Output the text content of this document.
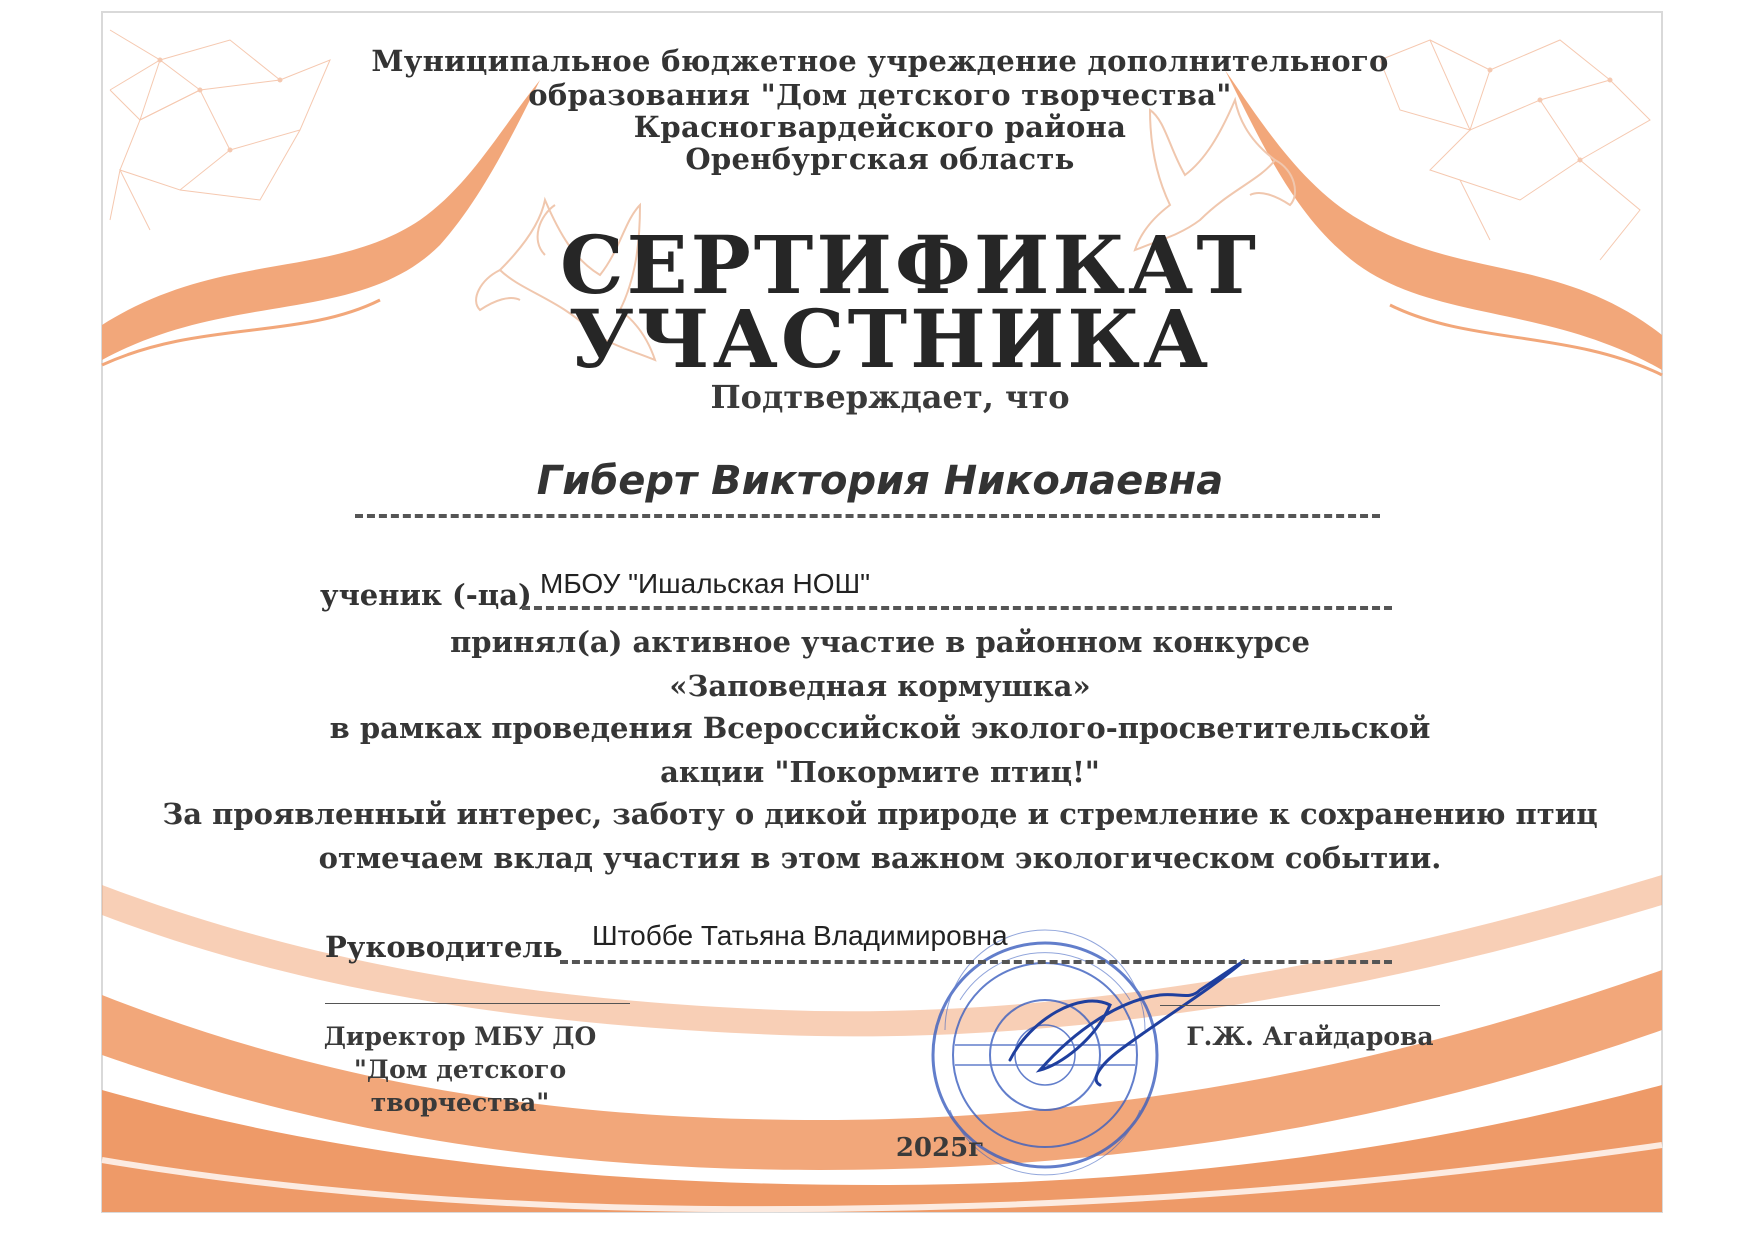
Муниципальное бюджетное учреждение дополнительного

образования "Дом детского творчества"

Красногвардейского района

Оренбургская область

СЕРТИФИКАТ

УЧАСТНИКА

Подтверждает, что

Гиберт Виктория Николаевна

ученик (-ца) МБОУ "Ишальская НОШ"

принял(а) активное участие в районном конкурсе

«Заповедная кормушка»

в рамках проведения Всероссийской эколого-просветительской

акции "Покормите птиц!"

За проявленный интерес, заботу о дикой природе и стремление к сохранению птиц

отмечаем вклад участия в этом важном экологическом событии.

Руководитель Штоббе Татьяна Владимировна

Директор МБУ ДО

"Дом детского

творчества"

Г.Ж. Агайдарова

2025г
